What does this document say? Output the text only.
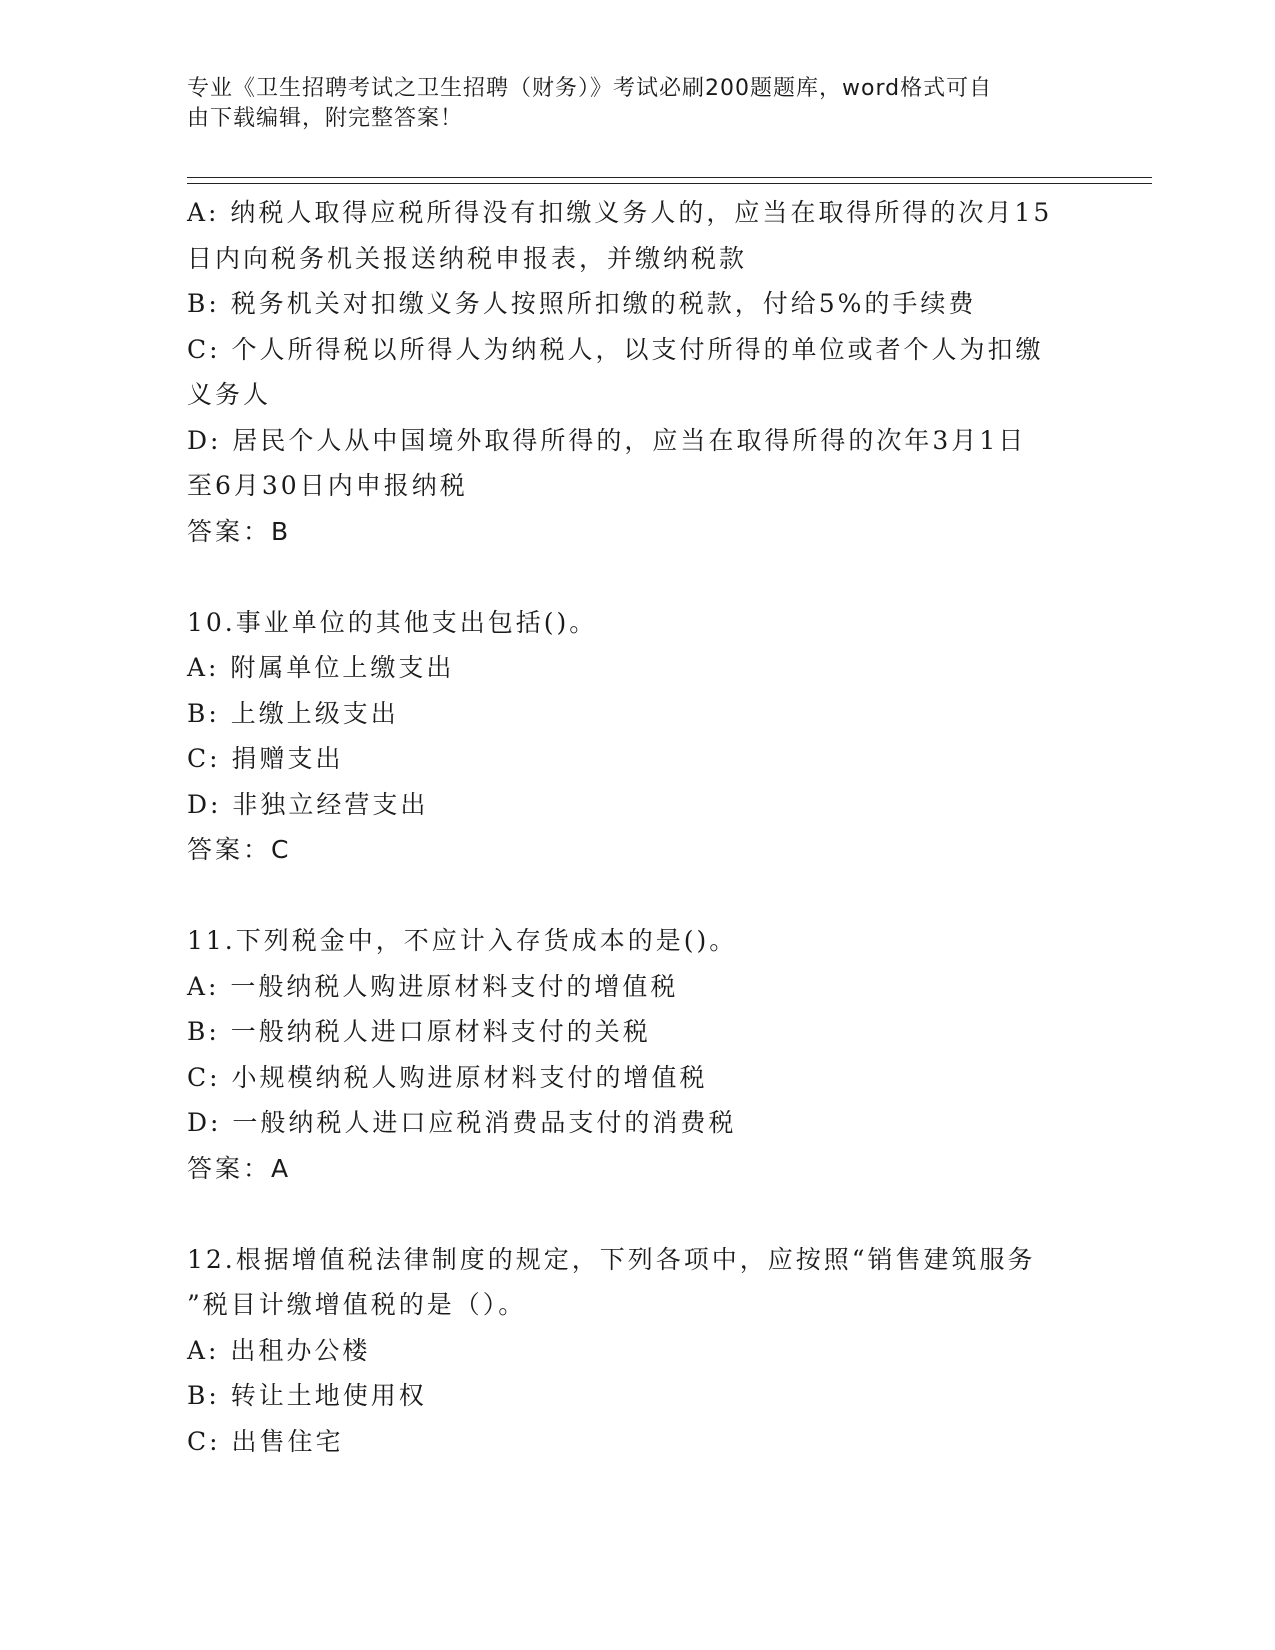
专业《卫生招聘考试之卫生招聘（财务）》考试必刷200题题库，word格式可自
由下载编辑，附完整答案！

A: 纳税人取得应税所得没有扣缴义务人的，应当在取得所得的次月15

日内向税务机关报送纳税申报表，并缴纳税款

B: 税务机关对扣缴义务人按照所扣缴的税款，付给5%的手续费

C: 个人所得税以所得人为纳税人，以支付所得的单位或者个人为扣缴

义务人

D: 居民个人从中国境外取得所得的，应当在取得所得的次年3月1日

至6月30日内申报纳税

答案：B

10.事业单位的其他支出包括()。

A: 附属单位上缴支出

B: 上缴上级支出

C: 捐赠支出

D: 非独立经营支出

答案：C

11.下列税金中，不应计入存货成本的是()。

A: 一般纳税人购进原材料支付的增值税

B: 一般纳税人进口原材料支付的关税

C: 小规模纳税人购进原材料支付的增值税

D: 一般纳税人进口应税消费品支付的消费税

答案：A

12.根据增值税法律制度的规定，下列各项中，应按照“销售建筑服务

”税目计缴增值税的是（）。

A: 出租办公楼

B: 转让土地使用权

C: 出售住宅
